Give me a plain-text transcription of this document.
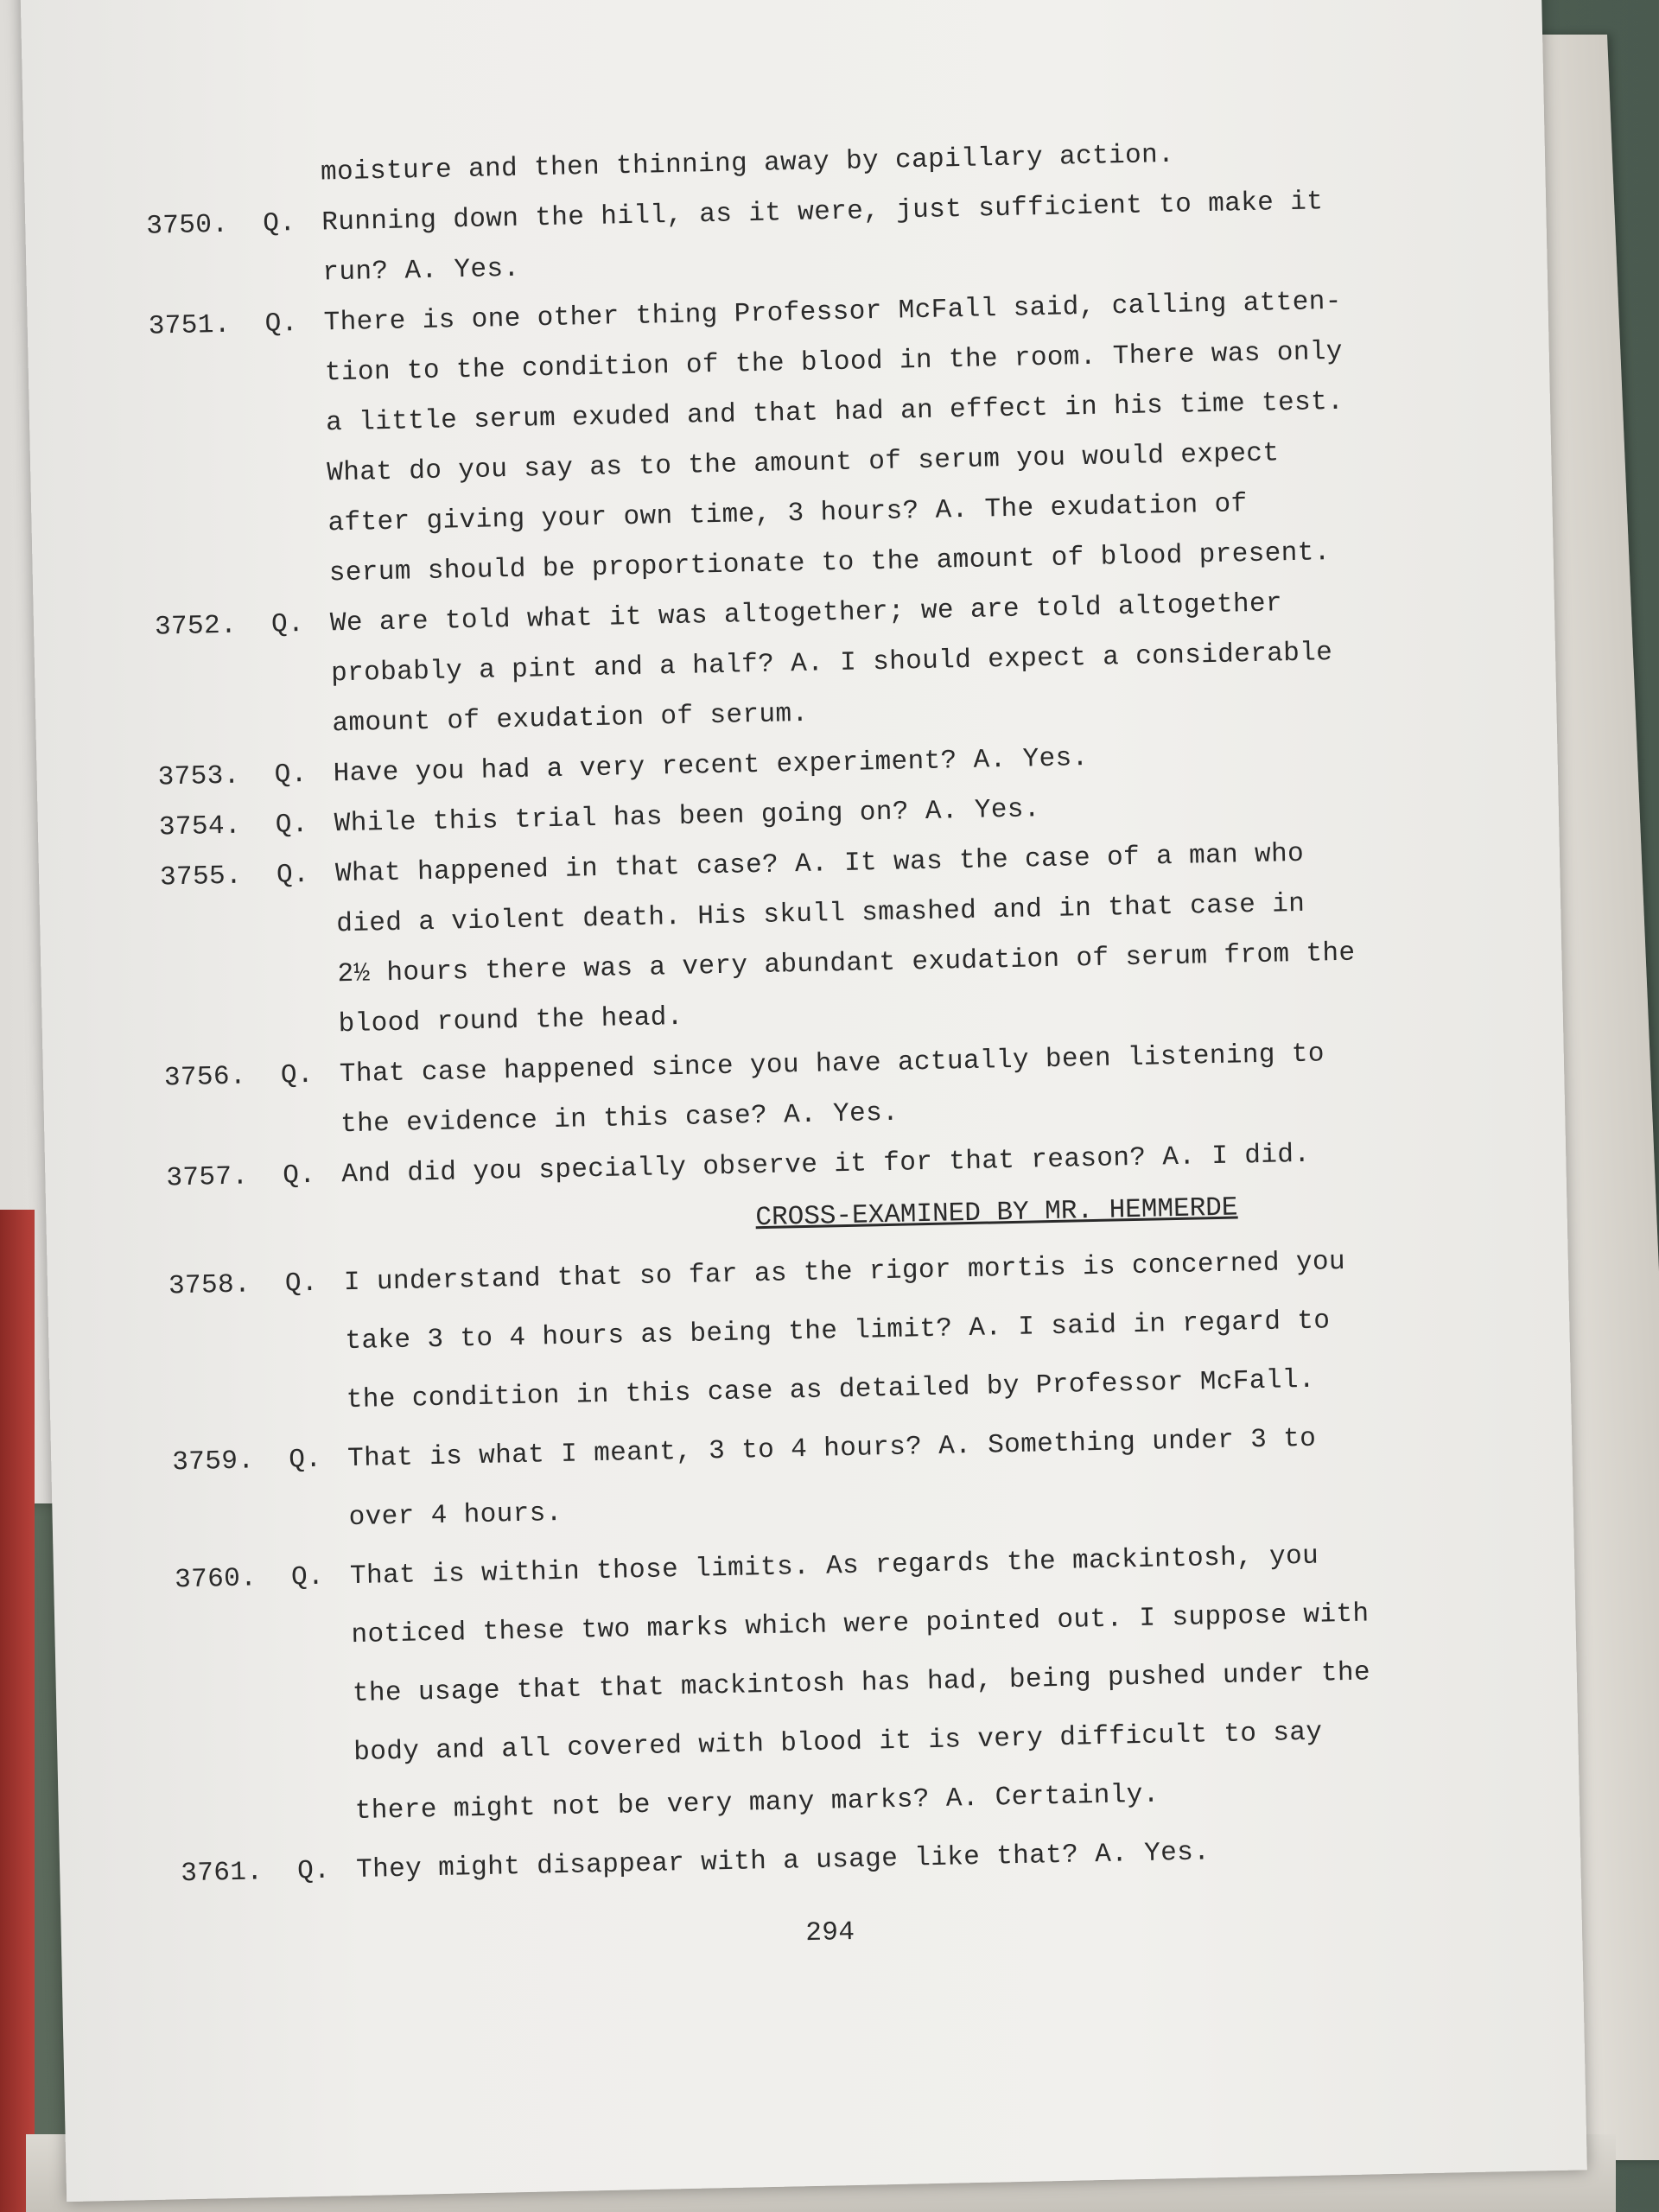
moisture and then thinning away by capillary action.
3750.	Q. Running down the hill, as it were, just sufficient to make it
run? A. Yes.
3751.	Q. There is one other thing Professor McFall said, calling atten-
tion to the condition of the blood in the room. There was only
a little serum exuded and that had an effect in his time test.
What do you say as to the amount of serum you would expect
after giving your own time, 3 hours? A. The exudation of
serum should be proportionate to the amount of blood present.
3752.	Q. We are told what it was altogether; we are told altogether
probably a pint and a half? A. I should expect a considerable
amount of exudation of serum.
3753.	Q. Have you had a very recent experiment? A. Yes.
3754.	Q. While this trial has been going on? A. Yes.
3755.	Q. What happened in that case? A. It was the case of a man who
died a violent death. His skull smashed and in that case in
2½ hours there was a very abundant exudation of serum from the
blood round the head.
3756.	Q. That case happened since you have actually been listening to
the evidence in this case? A. Yes.
3757.	Q. And did you specially observe it for that reason? A. I did.
CROSS-EXAMINED BY MR. HEMMERDE
3758.	Q. I understand that so far as the rigor mortis is concerned you
take 3 to 4 hours as being the limit? A. I said in regard to
the condition in this case as detailed by Professor McFall.
3759.	Q. That is what I meant, 3 to 4 hours? A. Something under 3 to
over 4 hours.
3760.	Q. That is within those limits. As regards the mackintosh, you
noticed these two marks which were pointed out. I suppose with
the usage that that mackintosh has had, being pushed under the
body and all covered with blood it is very difficult to say
there might not be very many marks? A. Certainly.
3761.	Q. They might disappear with a usage like that? A. Yes.
294
